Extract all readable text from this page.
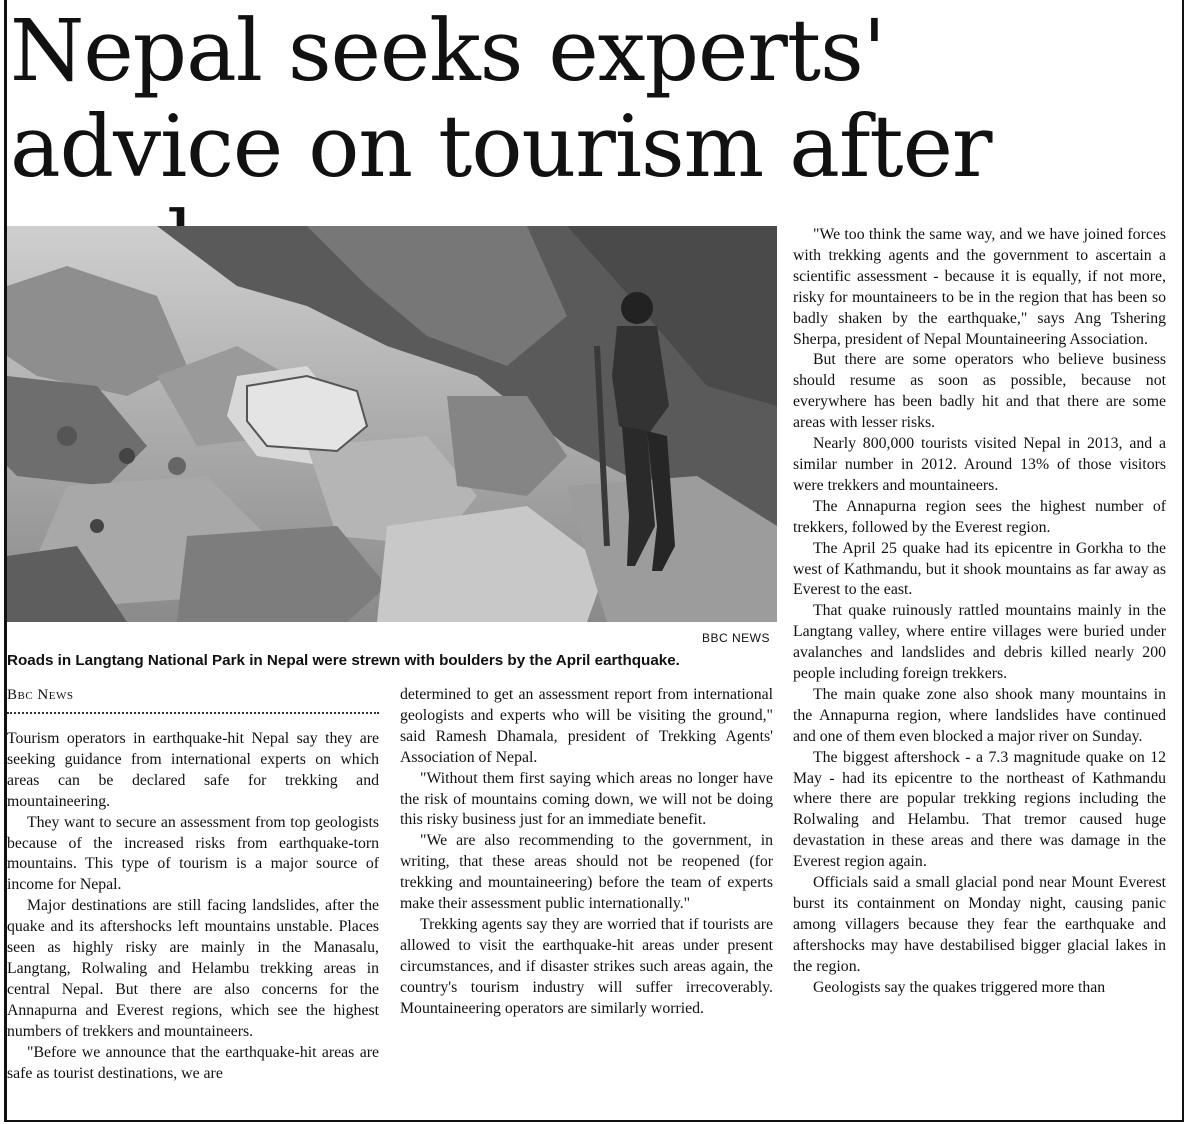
Nepal seeks experts' advice on tourism after
BBC NEWS
Roads in Langtang National Park in Nepal were strewn with boulders by the April earthquake.
Bbc News

Tourism operators in earthquake-hit Nepal say they are seeking guidance from international experts on which areas can be declared safe for trekking and mountaineering.

They want to secure an assessment from top geologists because of the increased risks from earthquake-torn mountains. This type of tourism is a major source of income for Nepal.

Major destinations are still facing landslides, after the quake and its aftershocks left mountains unstable. Places seen as highly risky are mainly in the Manasalu, Langtang, Rolwaling and Helambu trekking areas in central Nepal. But there are also concerns for the Annapurna and Everest regions, which see the highest numbers of trekkers and mountaineers.

"Before we announce that the earthquake-hit areas are safe as tourist destinations, we are

determined to get an assessment report from international geologists and experts who will be visiting the ground," said Ramesh Dhamala, president of Trekking Agents' Association of Nepal.

"Without them first saying which areas no longer have the risk of mountains coming down, we will not be doing this risky business just for an immediate benefit.

"We are also recommending to the government, in writing, that these areas should not be reopened (for trekking and mountaineering) before the team of experts make their assessment public internationally."

Trekking agents say they are worried that if tourists are allowed to visit the earthquake-hit areas under present circumstances, and if disaster strikes such areas again, the country's tourism industry will suffer irrecoverably. Mountaineering operators are similarly worried.

"We too think the same way, and we have joined forces with trekking agents and the government to ascertain a scientific assessment - because it is equally, if not more, risky for mountaineers to be in the region that has been so badly shaken by the earthquake," says Ang Tshering Sherpa, president of Nepal Mountaineering Association.

But there are some operators who believe business should resume as soon as possible, because not everywhere has been badly hit and that there are some areas with lesser risks.

Nearly 800,000 tourists visited Nepal in 2013, and a similar number in 2012. Around 13% of those visitors were trekkers and mountaineers.

The Annapurna region sees the highest number of trekkers, followed by the Everest region.

The April 25 quake had its epicentre in Gorkha to the west of Kathmandu, but it shook mountains as far away as Everest to the east.

That quake ruinously rattled mountains mainly in the Langtang valley, where entire villages were buried under avalanches and landslides and debris killed nearly 200 people including foreign trekkers.

The main quake zone also shook many mountains in the Annapurna region, where landslides have continued and one of them even blocked a major river on Sunday.

The biggest aftershock - a 7.3 magnitude quake on 12 May - had its epicentre to the northeast of Kathmandu where there are popular trekking regions including the Rolwaling and Helambu. That tremor caused huge devastation in these areas and there was damage in the Everest region again.

Officials said a small glacial pond near Mount Everest burst its containment on Monday night, causing panic among villagers because they fear the earthquake and aftershocks may have destabilised bigger glacial lakes in the region.

Geologists say the quakes triggered more than
